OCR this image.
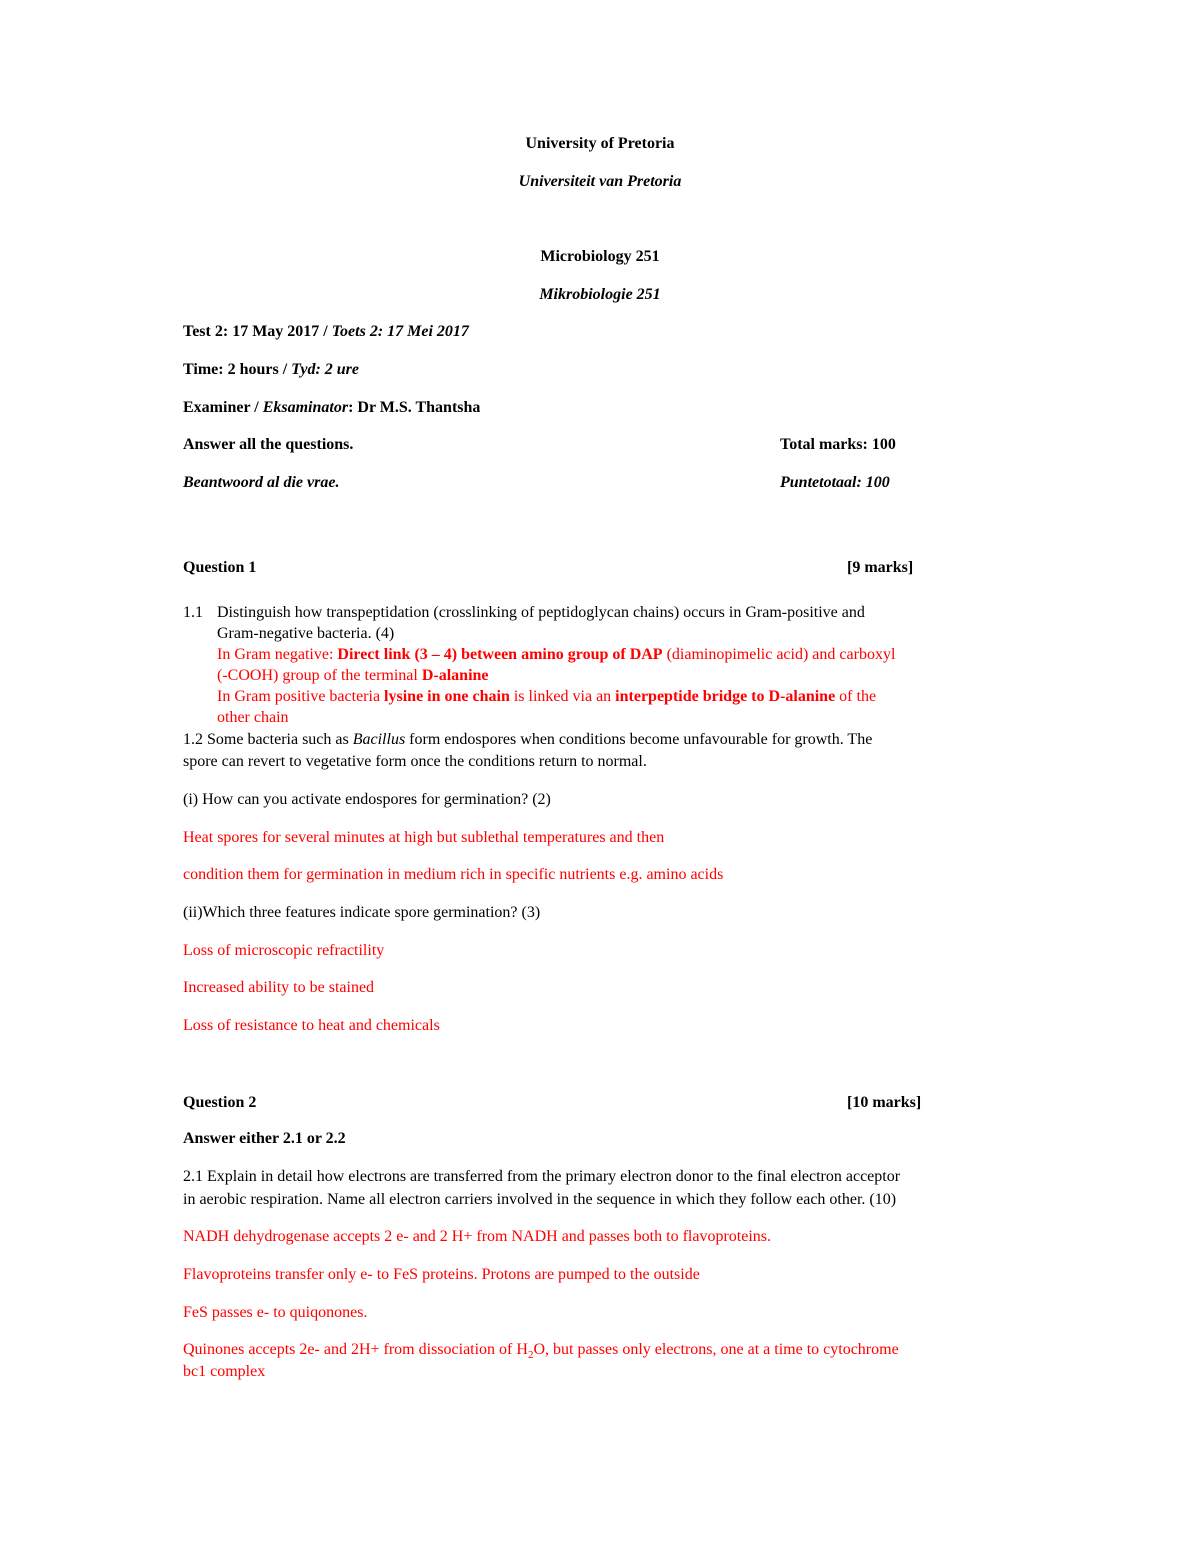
University of Pretoria
Universiteit van Pretoria
Microbiology 251
Mikrobiologie 251
Test 2: 17 May 2017 / Toets 2: 17 Mei 2017
Time: 2 hours / Tyd: 2 ure
Examiner / Eksaminator: Dr M.S. Thantsha
Answer all the questions.	Total marks: 100
Beantwoord al die vrae.	Puntetotaal: 100
Question 1	[9 marks]
1.1 Distinguish how transpeptidation (crosslinking of peptidoglycan chains) occurs in Gram-positive and
Gram-negative bacteria. (4)
In Gram negative: Direct link (3 – 4) between amino group of DAP (diaminopimelic acid) and carboxyl
(-COOH) group of the terminal D-alanine
In Gram positive bacteria lysine in one chain is linked via an interpeptide bridge to D-alanine of the
other chain
1.2 Some bacteria such as Bacillus form endospores when conditions become unfavourable for growth. The
spore can revert to vegetative form once the conditions return to normal.
(i) How can you activate endospores for germination? (2)
Heat spores for several minutes at high but sublethal temperatures and then
condition them for germination in medium rich in specific nutrients e.g. amino acids
(ii)Which three features indicate spore germination? (3)
Loss of microscopic refractility
Increased ability to be stained
Loss of resistance to heat and chemicals
Question 2	[10 marks]
Answer either 2.1 or 2.2
2.1 Explain in detail how electrons are transferred from the primary electron donor to the final electron acceptor
in aerobic respiration. Name all electron carriers involved in the sequence in which they follow each other. (10)
NADH dehydrogenase accepts 2 e- and 2 H+ from NADH and passes both to flavoproteins.
Flavoproteins transfer only e- to FeS proteins. Protons are pumped to the outside
FeS passes e- to quiqonones.
Quinones accepts 2e- and 2H+ from dissociation of $H_2O$, but passes only electrons, one at a time to cytochrome
bc1 complex
